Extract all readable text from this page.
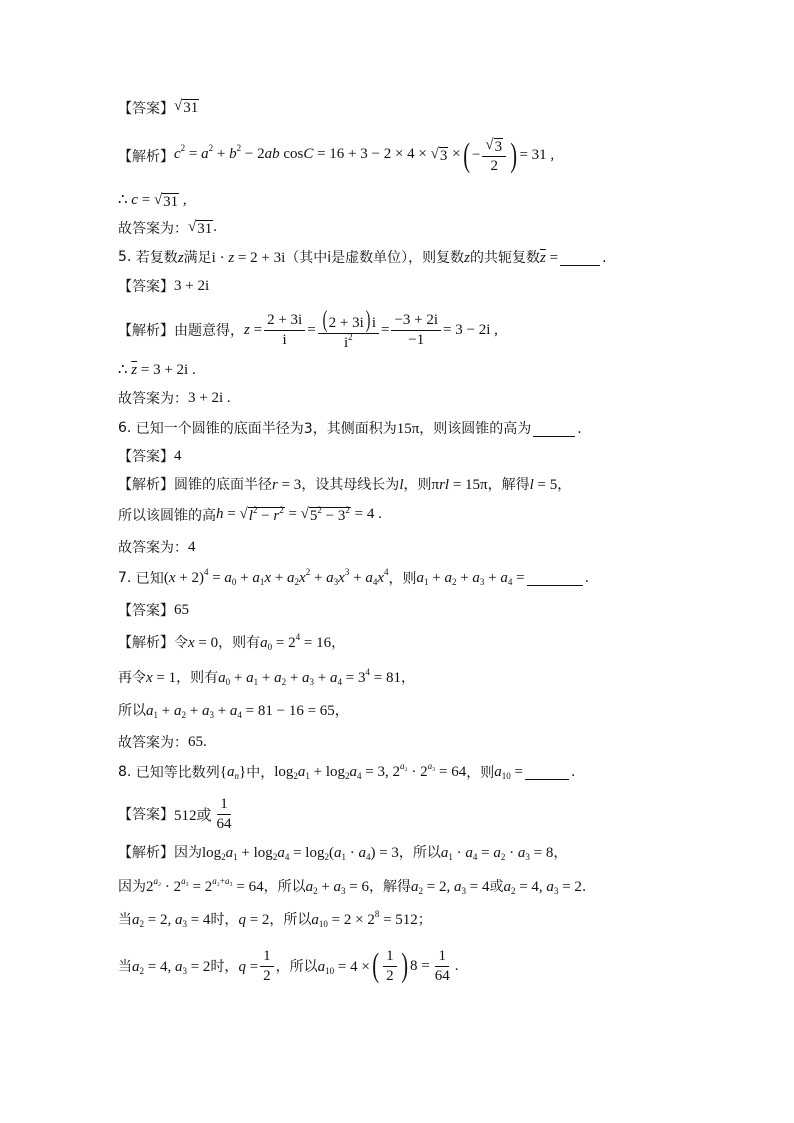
【答案】 √ 31
【解析】 $c^2 = a^2 + b^2 - 2ab$ cosC = 16 + 3 − 2 × 4 × √ 3 × ( − $\frac{√ 3}{2}$ ) = 31 ,
∴ c = √ 31 ,
故答案为： √ 31 .
5. 若复数z满足i · z = 2 + 3i（其中i是虚数单位），则复数z的共轭复数$\overline{z}$ =	.
【答案】 3 + 2i
【解析】 由题意得， $z = \frac{2 + 3i}{i} = \frac{( 2 + 3i) i}{i^2} = \frac{-3 + 2i}{-1} = 3 - 2i$ ,
∴ $\overline{z} = 3 + 2i$ .
故答案为： 3 + 2i .
6. 已知一个圆锥的底面半径为3，其侧面积为15π，则该圆锥的高为	.
【答案】 4
【解析】 圆锥的底面半径r = 3，设其母线长为l，则πrl = 15π，解得l = 5，
所以该圆锥的高 h = √ $l^2 - r^2$ = √ $5^2 - 3^2 = 4$ .
故答案为： 4
7. 已知 $(x + 2)^4 = a_0 + a_1x + a_2x^2 + a_3x^3 + a_4x^4$ ，则 $a_1 + a_2 + a_3 + a_4$ =	.
【答案】 65
【解析】 令x = 0，则有$a_0 = 2^4 = 16$，
再令x = 1，则有$a_0 + a_1 + a_2 + a_3 + a_4 = 3^4 = 81$，
所以$a_1 + a_2 + a_3 + a_4 = 81 - 16 = 65$，
故答案为： 65.
8. 已知等比数列 $\{a_n\}$ 中， $\log_2a_1 + \log_2a_4 = 3$, $2^{a_2} \cdot 2^{a_3} = 64$ ，则 $a_{10}$ =	.
【答案】 512或 $\frac{1}{64}$
【解析】 因为$\log_2a_1 + \log_2a_4 = \log_2(a_1 \cdot a_4) = 3$，所以$a_1 \cdot a_4 = a_2 \cdot a_3 = 8$，
因为$2^{a_2} \cdot 2^{a_3} = 2^{a_2+a_3} = 64$，所以$a_2 + a_3 = 6$，解得$a_2 = 2$, $a_3 = 4$或$a_2 = 4$, $a_3 = 2$.
当$a_2 = 2$, $a_3 = 4$时，q = 2，所以$a_{10} = 2 \times 2^8 = 512$；
当$a_2 = 4$, $a_3 = 2$时，$q = \frac{1}{2}$ ，所以$a_{10} = 4$ × ( $\frac{1}{2}$ ) $8 = \frac{1}{64}$ .
